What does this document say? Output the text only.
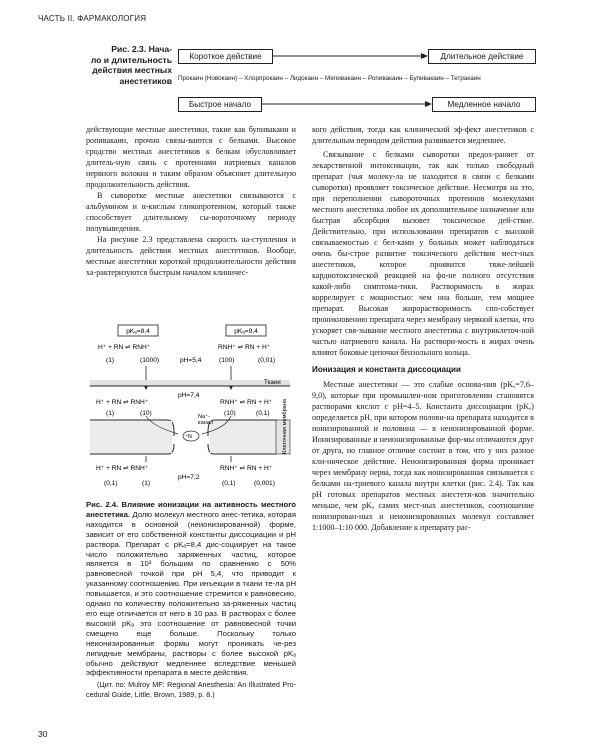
ЧАСТЬ II. ФАРМАКОЛОГИЯ
Рис. 2.3. Нача-
ло и длительность
действия местных
анестетиков
Короткое действие	Длительное действие
Прокаин (Новокаин) – Хлорпрокаин – Лидокаин – Мепивакаин – Ропивакаин – Бупивакаин – Тетракаин
Быстрое начало	Медленное начало

действующие местные анестетики, такие как бупивакаин и ропивакаин, прочно связы-ваются с белками. Высокое сродство местных анестетиков к белкам обусловливает длитель-ную связь с протеинами натриевых каналов нервного волокна и таким образом объясняет длительную продолжительность действия.

В сыворотке местные анестетики связываются с альбумином и α-кислым гликопротеином, который также способствует длительному сы-вороточному периоду полувыведения.

На рисунке 2.3 представлена скорость на-ступления и длительность действия местных анестетиков. Вообще, местные анестетики короткой продолжительности действия ха-рактеризуются быстрым началом клиничес-

pKₐ=8,4	pKₐ=9,4
H⁺ + RN ⇌ RNH⁺	RNH⁺ ⇌ RN + H⁺
(1)	(1000)	pH=5,4	(100)	(0,01)
Ткани
pH=7,4
H⁺ + RN ⇌ RNH⁺	RNH⁺ ⇌ RN + H⁺
(1)	(10)	(10)	(0,1) Клеточная мембрана
⁺N
Na⁺-
канал
H⁺ + RN ⇌ RNH⁺	RNH⁺ ⇌ RN + H⁺
pH=7,2
(0,1)	(1)	(0,1)	(0,001)

Рис. 2.4. Влияние ионизации на активность местного анестетика. Долю молекул местного анес-тетика, которая находится в основной (неионизированной) форме, зависит от его собственной константы диссоциации и pH раствора. Препарат с pKₐ=8,4 дис-социирует на такое число положительно заряженных частиц, которое является в 10³ большим по сравнению с 50% равновесной точкой при pH 5,4, что приводит к указанному соотношению. При инъекции в ткани те-ла pH повышается, и это соотношение стремится к равновесию, однако по количеству положительно за-ряженных частиц его еще отличается от него в 10 раз. В растворах с более высокой pKₐ это соотношение от равновесной точки смещено еще больше. Поскольку только неионизированные формы могут проникать че-рез липидные мембраны, растворы с более высокой pKₐ обычно действуют медленнее вследствие меньшей эффективности препарата в месте действия.

(Цит. по: Mulroy MF: Regional Anesthesia: An Illustrated Pro-cedural Guide, Little, Brown, 1989, p. 8.)

кого действия, тогда как клинический эф-фект анестетиков с длительным периодом действия развивается медленнее.

Связывание с белками сыворотки предох-раняет от лекарственной интоксикации, так как только свободный препарат (чья молеку-ла не находится в связи с белками сыворотки) проявляет токсическое действие. Несмотря на это, при переполнении сывороточных протеинов молекулами местного анестетика любое их дополнительное назначение или быстрая абсорбция вызовет токсическое дей-ствие. Действительно, при использовании препаратов с высокой связываемостью с бел-ками у больных может наблюдаться очень бы-строе развитие токсического действия мест-ных анестетиков, которое проявится тяже-лейшей кардиотоксической реакцией на фо-не полного отсутствия какой-либо симптома-тики. Растворимость в жирах коррелирует с мощностью: чем она больше, тем мощнее препарат. Высокая жирорастворимость спо-собствует проникновению препарата через мембрану нервной клетки, что ускоряет свя-зывание местного анестетика с внутриклеточ-ной частью натриевого канала. На раствори-мость в жирах очень влияют боковые цепочки бензольного кольца.

Ионизация и константа диссоциации

Местные анестетики — это слабые основа-ния (pKₐ=7,6–9,0), которые при промышлен-ном приготовлении становятся растворами кислот с pH=4–5. Константа диссоциации (pKₐ) определяется pH, при котором полови-на препарата находится в ионизированной и половина — в неионизированной форме. Ионизированные и неионизированные фор-мы отличаются друг от друга, но главное отличие состоит в том, что у них разное кли-ническое действие. Неионизированная форма проникает через мембрану нерва, тогда как ионизированная связывается с белками на-триевого канала внутри клетки (рис. 2.4). Так как pH готовых препаратов местных анестети-ков значительно меньше, чем pKₐ самих мест-ных анестетиков, соотношение ионизирован-ных и неионизированных молекул составляет 1:1000–1:10 000. Добавление к препарату рас-

30
